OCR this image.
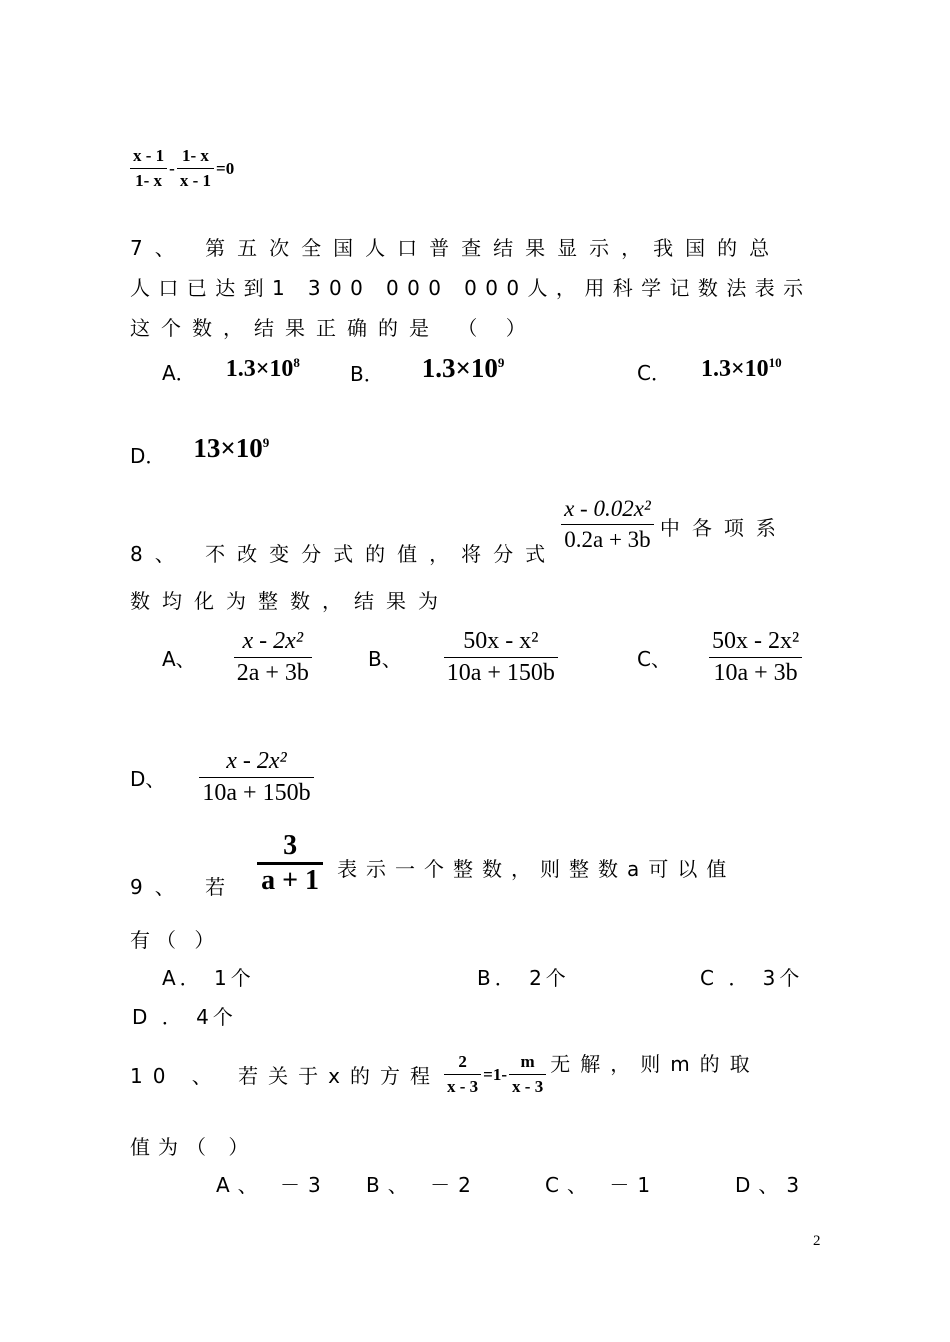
$\frac{x - 1}{1- x} - \frac{1- x}{x - 1} =0$
7、 第五次全国人口普查结果显示，我国的总
人口已达到1 300 000 000人，用科学记数法表示
这个数，结果正确的是 （ ）
A． $1.3\times 10^8$	B． $1.3\times 10^9$	C． $1.3\times 10^{10}$
D． $13\times 10^9$
8、 不改变分式的值，将分式
$\frac{\text{x - 0.02x²}}{0.2a + 3b}$ 中各项系
数均化为整数，结果为
A、 $\frac{\text{x - 2x²}}{2a + 3b}$	B、 $\frac{\text{50x - x²}}{10a + 150b}$	C、 $\frac{\text{50x - 2x²}}{10a + 3b}$
D、 $\frac{\text{x - 2x²}}{10a + 150b}$
9、 若 $\frac{3}{a + 1}$ 表示一个整数，则整数a可以值
有（ ）
A． 1个	B． 2个	C ． 3个
D ． 4个
10 、 若关于x的方程 $\frac{2}{x - 3} =1- \frac{m}{x - 3}$ 无解，则m的取
值为（ ）
A、 －3 B、 －2	C、 －1	D、3
2
